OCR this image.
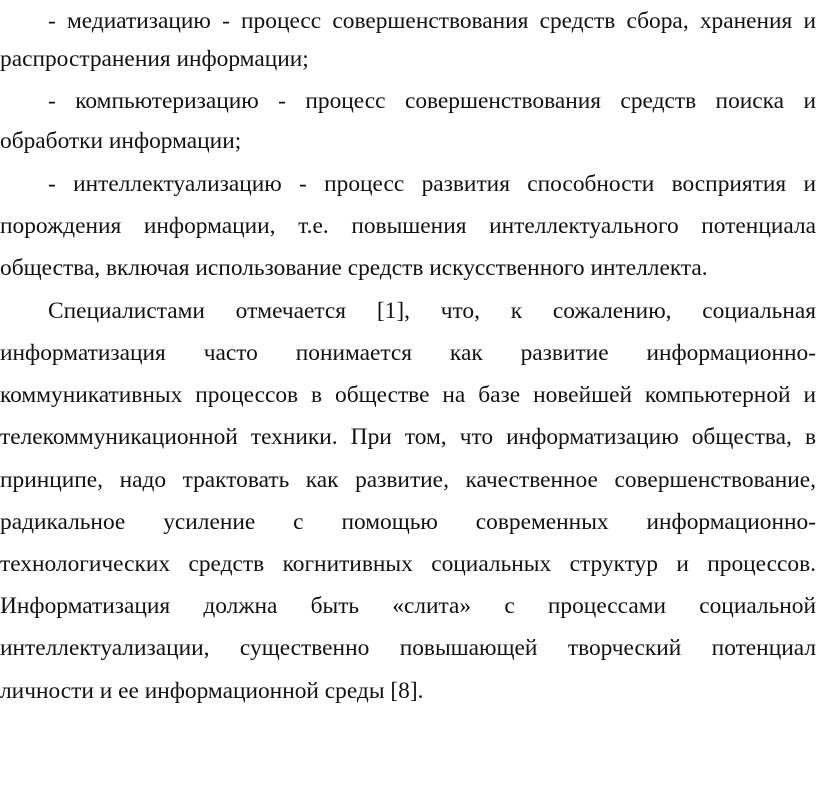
- медиатизацию - процесс совершенствования средств сбора, хранения и
распространения информации;
- компьютеризацию - процесс совершенствования средств поиска и
обработки информации;
- интеллектуализацию - процесс развития способности восприятия и
порождения информации, т.е. повышения интеллектуального потенциала
общества, включая использование средств искусственного интеллекта.
Специалистами отмечается [1], что, к сожалению, социальная
информатизация часто понимается как развитие информационно-
коммуникативных процессов в обществе на базе новейшей компьютерной и
телекоммуникационной техники. При том, что информатизацию общества, в
принципе, надо трактовать как развитие, качественное совершенствование,
радикальное усиление с помощью современных информационно-
технологических средств когнитивных социальных структур и процессов.
Информатизация должна быть «слита» с процессами социальной
интеллектуализации, существенно повышающей творческий потенциал
личности и ее информационной среды [8].
